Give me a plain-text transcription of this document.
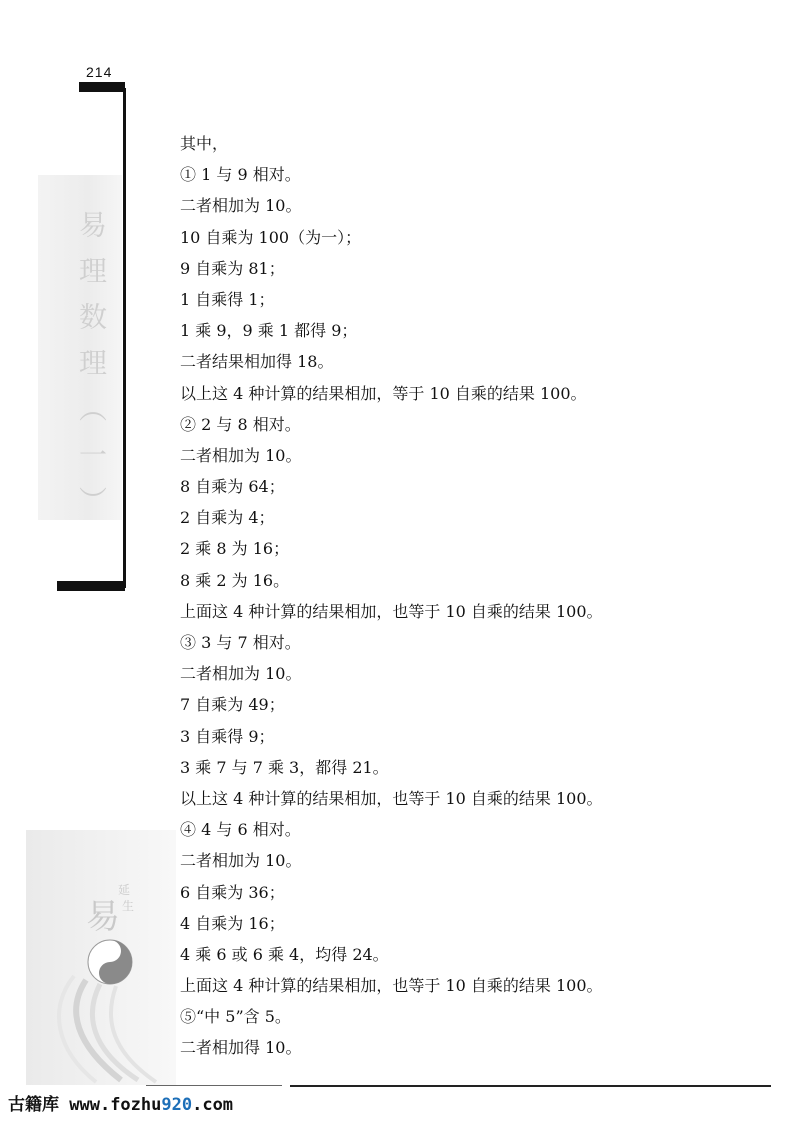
214
易理数理（一）
其中，
① 1 与 9 相对。
二者相加为 10。
10 自乘为 100（为一）；
9 自乘为 81；
1 自乘得 1；
1 乘 9，9 乘 1 都得 9；
二者结果相加得 18。
以上这 4 种计算的结果相加，等于 10 自乘的结果 100。
② 2 与 8 相对。
二者相加为 10。
8 自乘为 64；
2 自乘为 4；
2 乘 8 为 16；
8 乘 2 为 16。
上面这 4 种计算的结果相加，也等于 10 自乘的结果 100。
③ 3 与 7 相对。
二者相加为 10。
7 自乘为 49；
3 自乘得 9；
3 乘 7 与 7 乘 3，都得 21。
以上这 4 种计算的结果相加，也等于 10 自乘的结果 100。
④ 4 与 6 相对。
二者相加为 10。
6 自乘为 36；
4 自乘为 16；
4 乘 6 或 6 乘 4，均得 24。
上面这 4 种计算的结果相加，也等于 10 自乘的结果 100。
⑤“中 5”含 5。
二者相加得 10。
易
延
生
古籍库 www.fozhu920.com
